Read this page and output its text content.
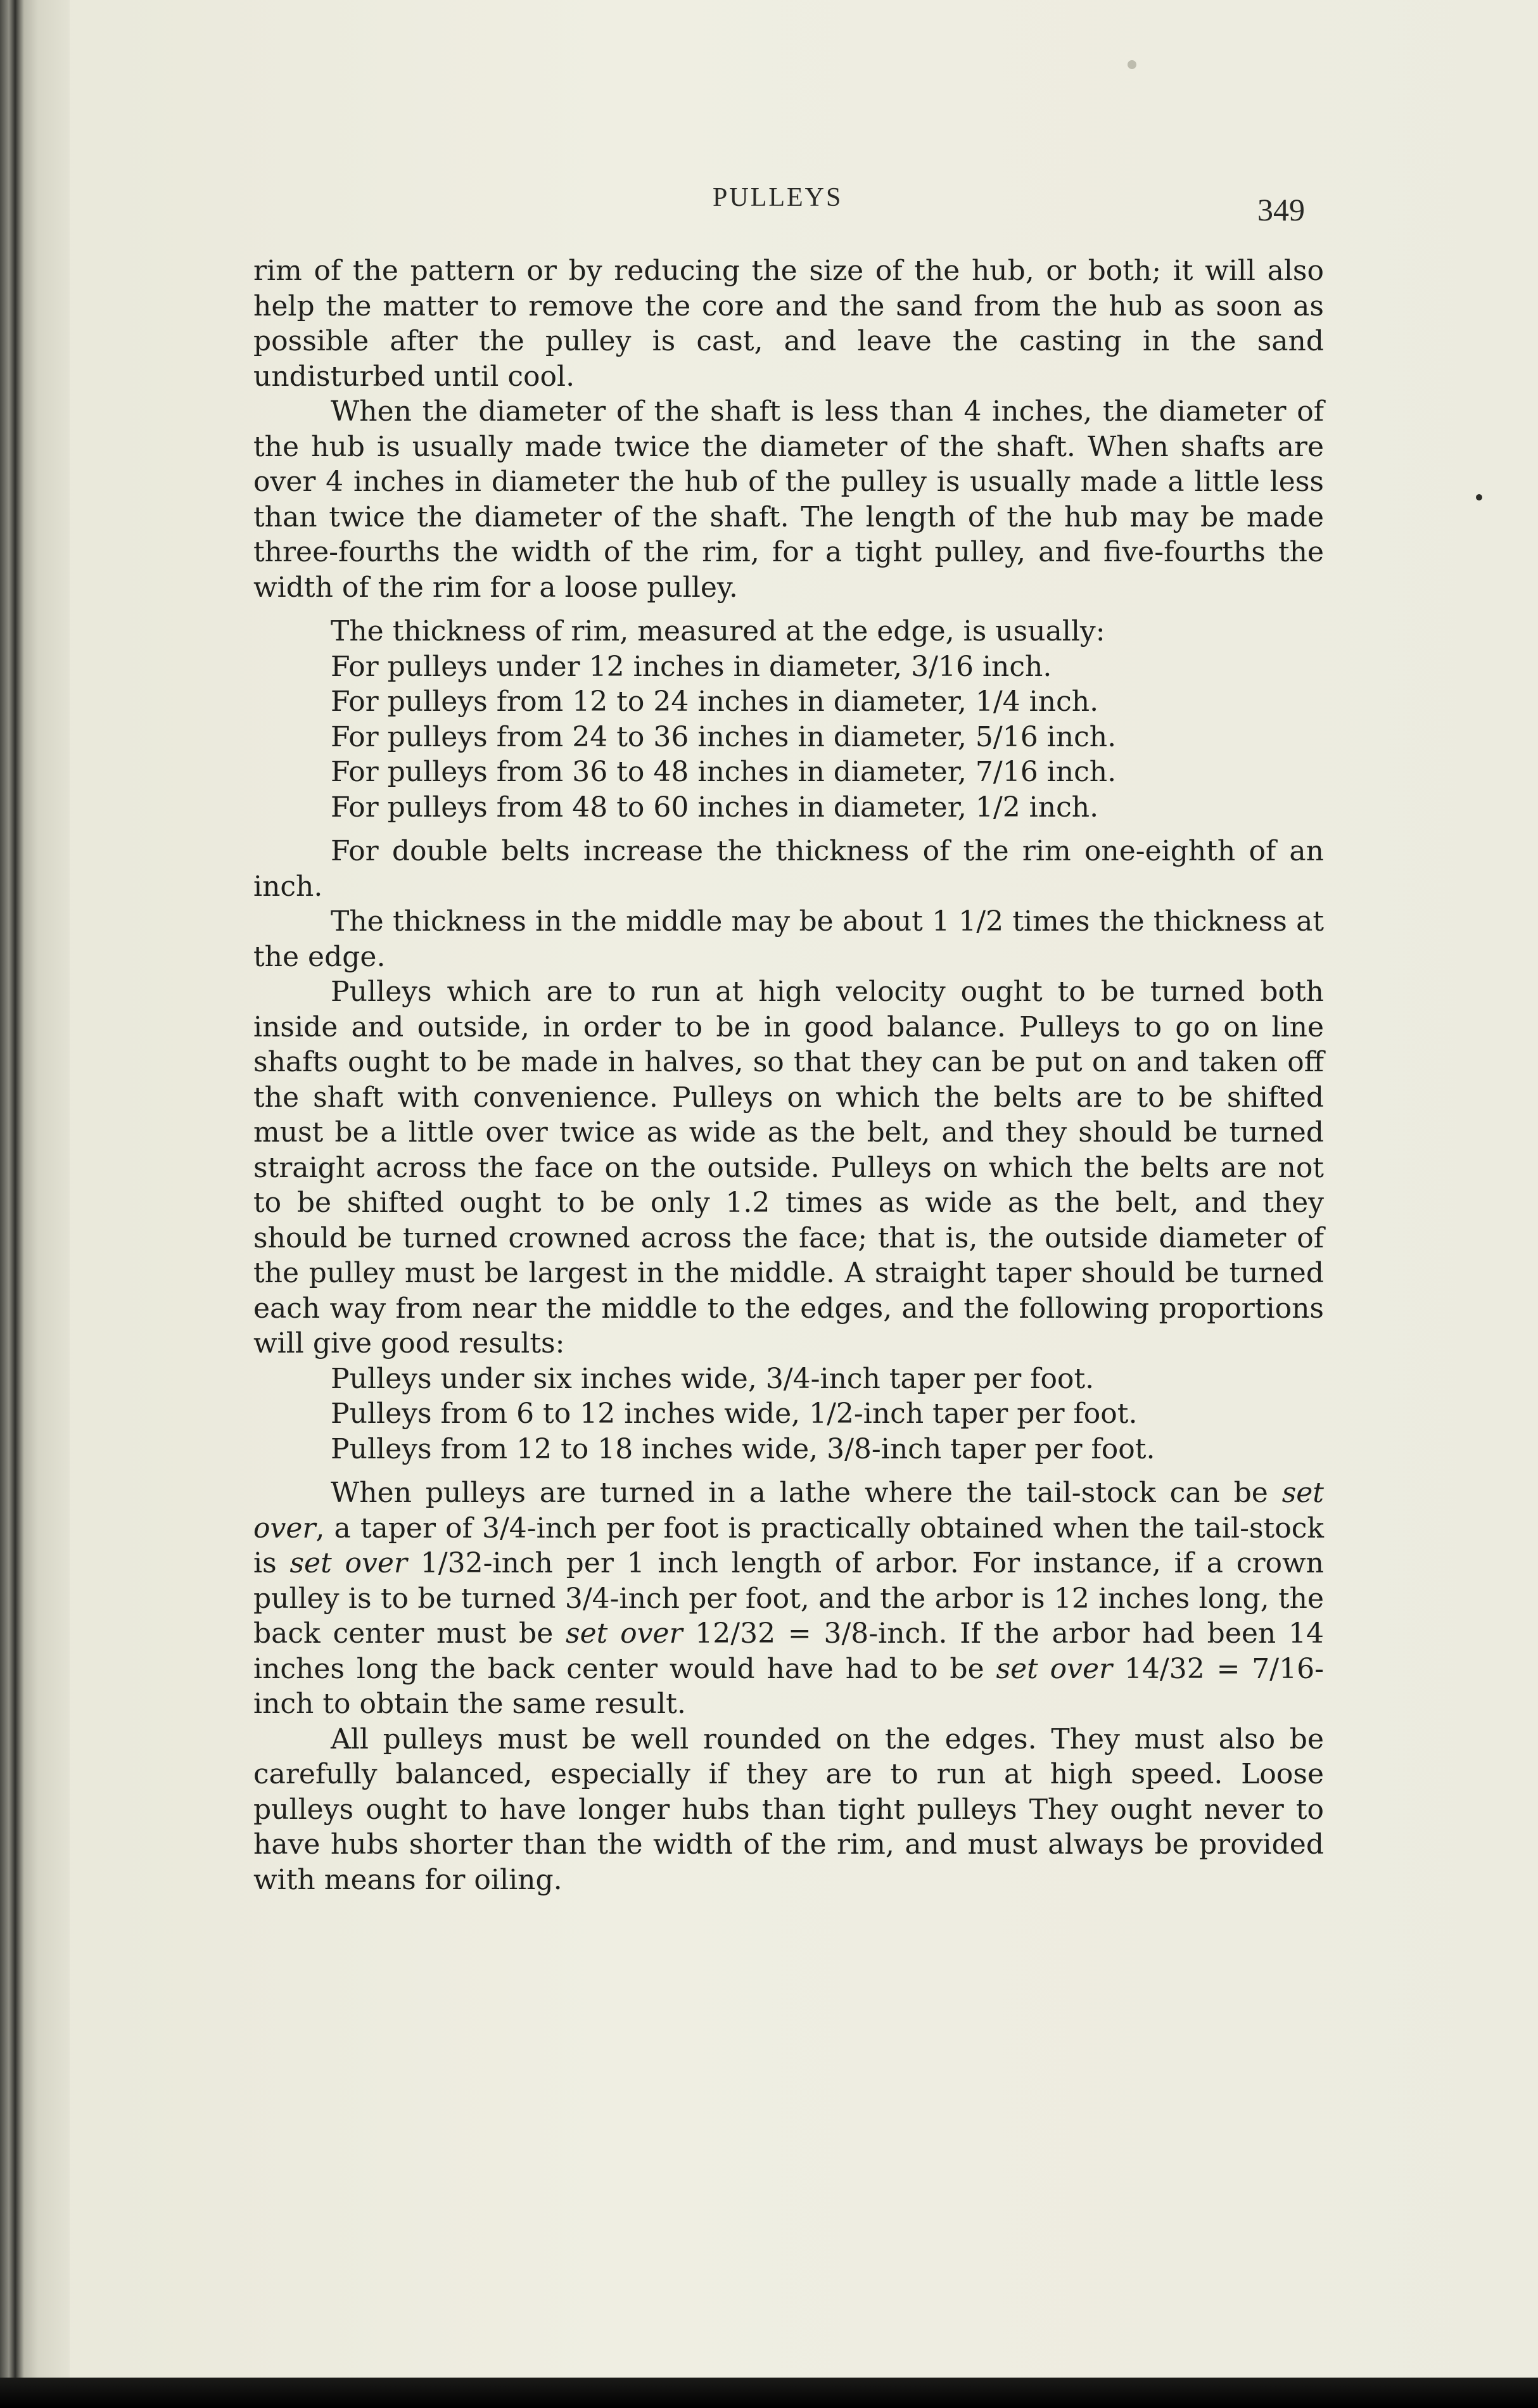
PULLEYS	349

rim of the pattern or by reducing the size of the hub, or both; it will also help the matter to remove the core and the sand from the hub as soon as possible after the pulley is cast, and leave the casting in the sand undisturbed until cool.

When the diameter of the shaft is less than 4 inches, the diameter of the hub is usually made twice the diameter of the shaft. When shafts are over 4 inches in diameter the hub of the pulley is usually made a little less than twice the diameter of the shaft. The length of the hub may be made three-fourths the width of the rim, for a tight pulley, and five-fourths the width of the rim for a loose pulley.

The thickness of rim, measured at the edge, is usually:

For pulleys under 12 inches in diameter, 3/16 inch.
For pulleys from 12 to 24 inches in diameter, 1/4 inch.
For pulleys from 24 to 36 inches in diameter, 5/16 inch.
For pulleys from 36 to 48 inches in diameter, 7/16 inch.
For pulleys from 48 to 60 inches in diameter, 1/2 inch.

For double belts increase the thickness of the rim one-eighth of an inch.

The thickness in the middle may be about 1 1/2 times the thickness at the edge.

Pulleys which are to run at high velocity ought to be turned both inside and outside, in order to be in good balance. Pulleys to go on line shafts ought to be made in halves, so that they can be put on and taken off the shaft with convenience. Pulleys on which the belts are to be shifted must be a little over twice as wide as the belt, and they should be turned straight across the face on the outside. Pulleys on which the belts are not to be shifted ought to be only 1.2 times as wide as the belt, and they should be turned crowned across the face; that is, the outside diameter of the pulley must be largest in the middle. A straight taper should be turned each way from near the middle to the edges, and the following proportions will give good results:

Pulleys under six inches wide, 3/4-inch taper per foot.
Pulleys from 6 to 12 inches wide, 1/2-inch taper per foot.
Pulleys from 12 to 18 inches wide, 3/8-inch taper per foot.

When pulleys are turned in a lathe where the tail-stock can be set over, a taper of 3/4-inch per foot is practically obtained when the tail-stock is set over 1/32-inch per 1 inch length of arbor. For instance, if a crown pulley is to be turned 3/4-inch per foot, and the arbor is 12 inches long, the back center must be set over 12/32 = 3/8-inch. If the arbor had been 14 inches long the back center would have had to be set over 14/32 = 7/16-inch to obtain the same result.

All pulleys must be well rounded on the edges. They must also be carefully balanced, especially if they are to run at high speed. Loose pulleys ought to have longer hubs than tight pulleys They ought never to have hubs shorter than the width of the rim, and must always be provided with means for oiling.
